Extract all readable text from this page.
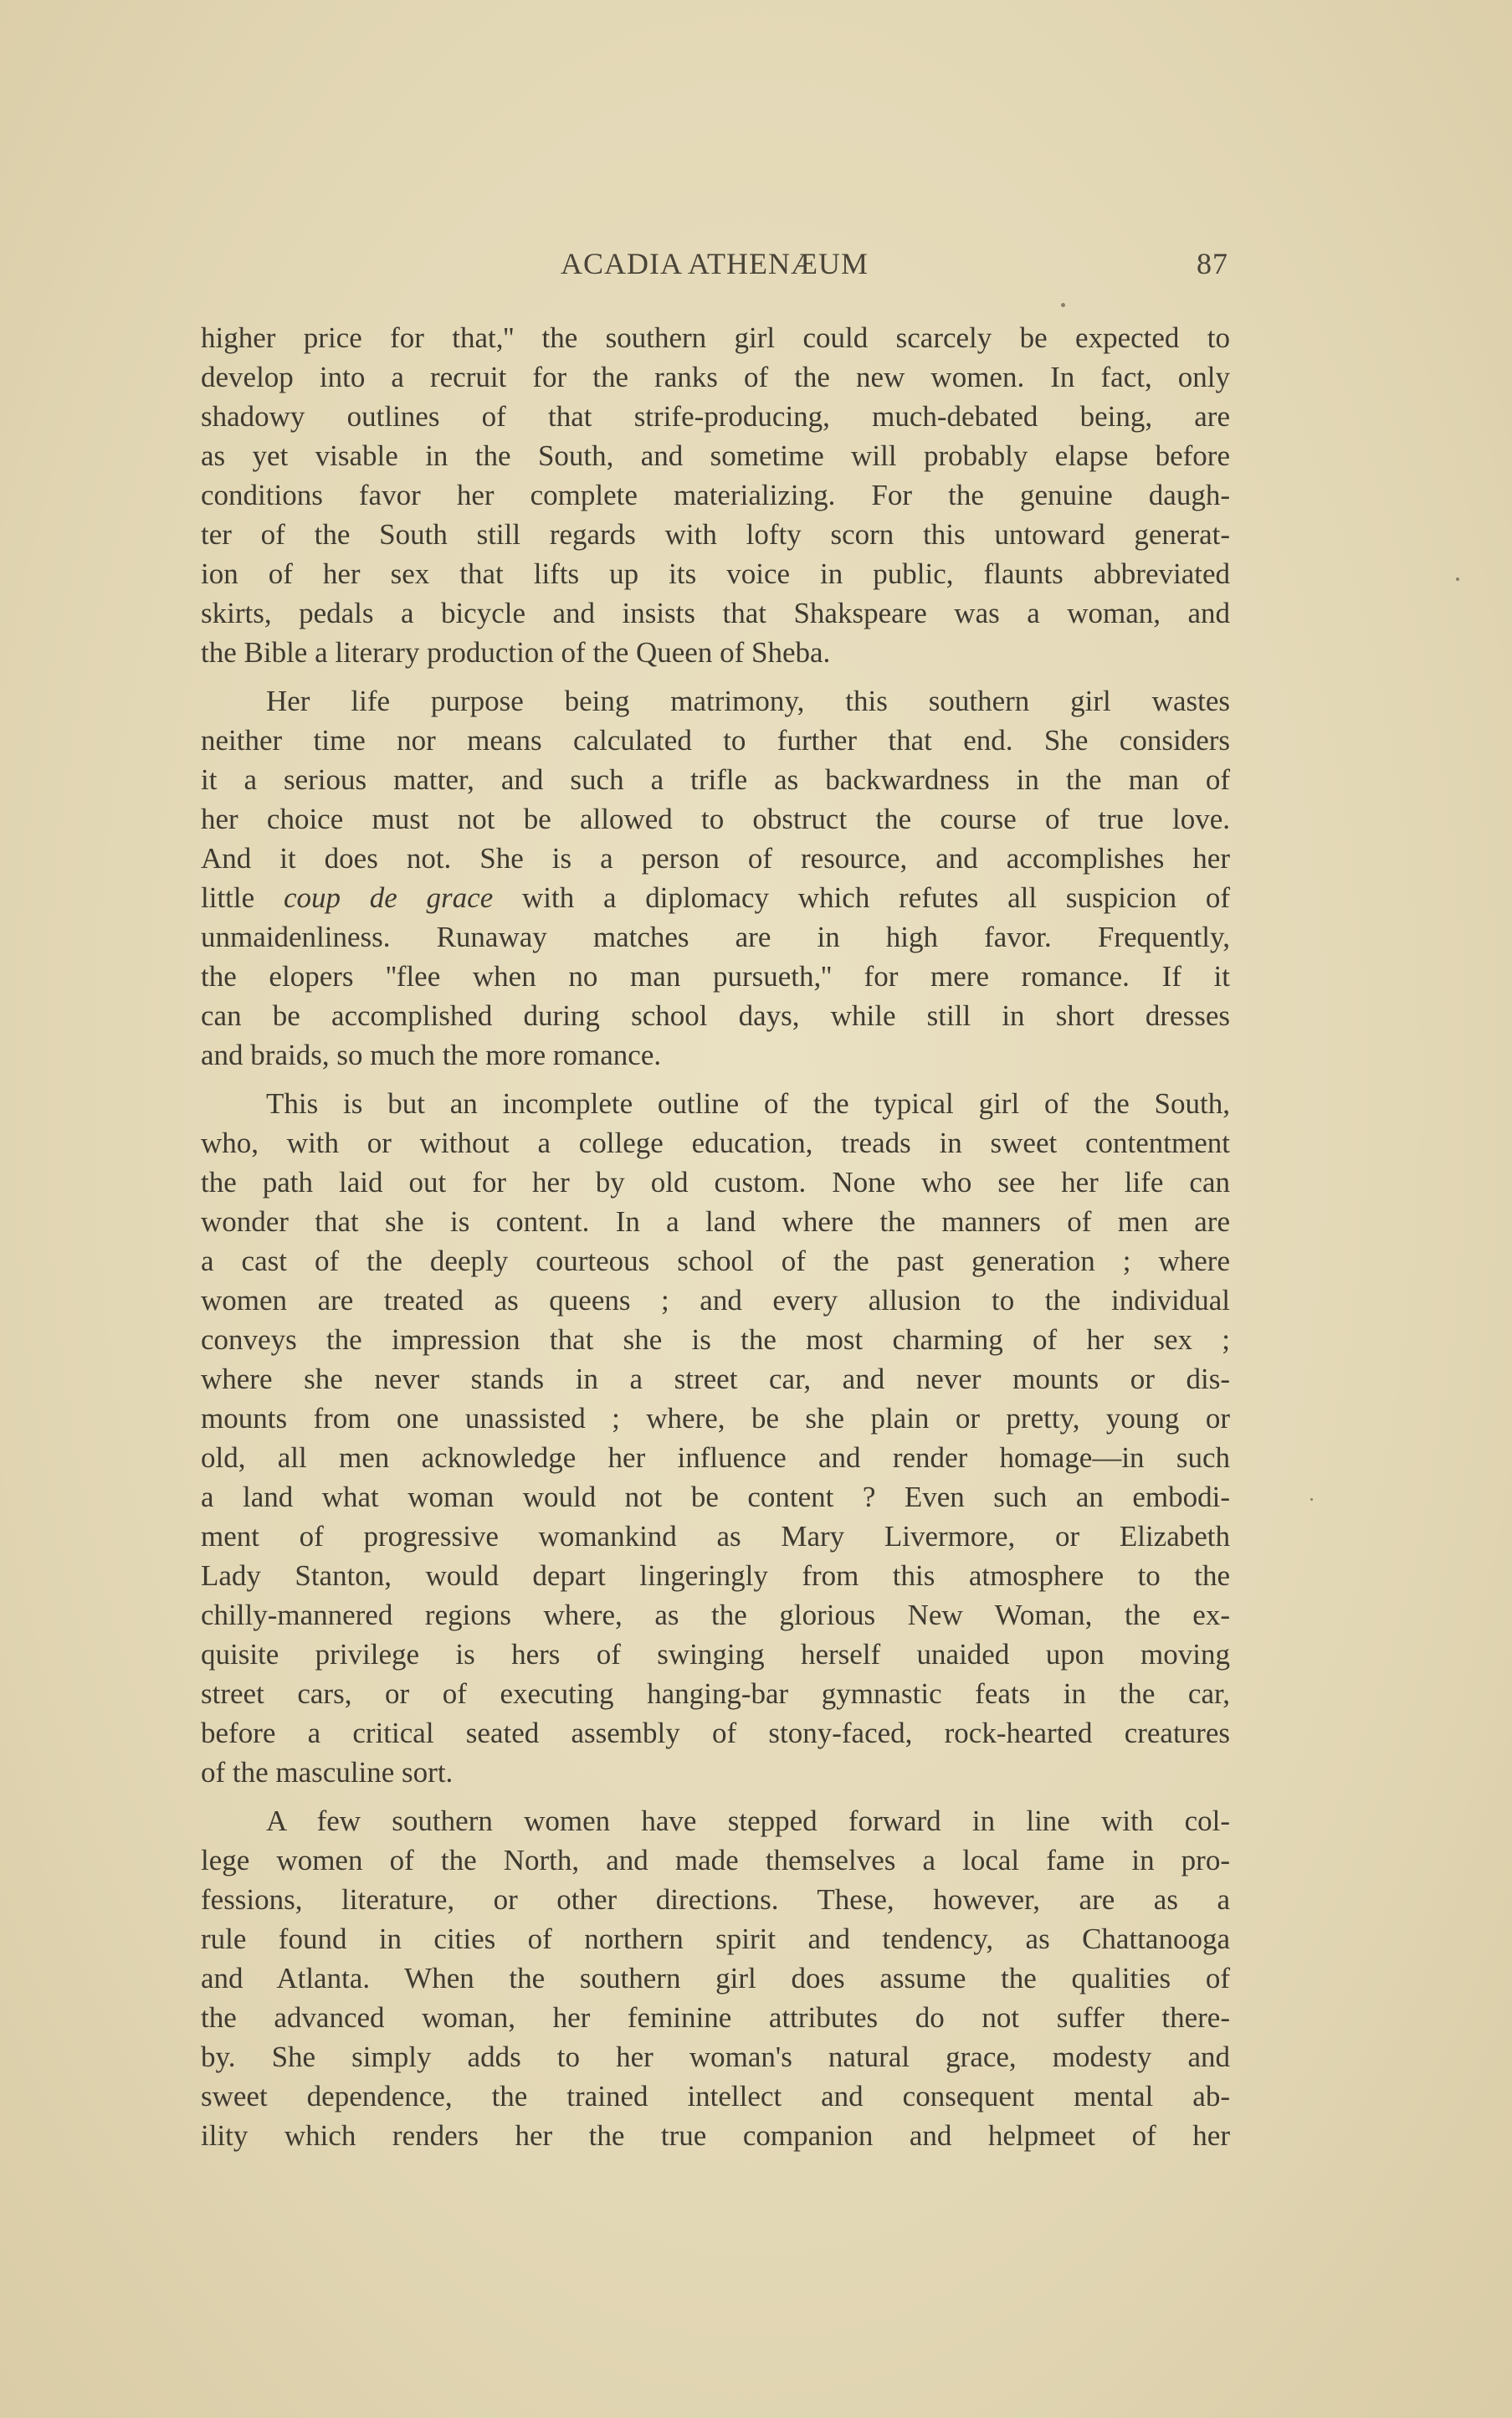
ACADIA ATHENÆUM	87
higher price for that,'' the southern girl could scarcely be expected to
develop into a recruit for the ranks of the new women. In fact, only
shadowy outlines of that strife-producing, much-debated being, are
as yet visable in the South, and sometime will probably elapse before
conditions favor her complete materializing. For the genuine daugh-
ter of the South still regards with lofty scorn this untoward generat-
ion of her sex that lifts up its voice in public, flaunts abbreviated
skirts, pedals a bicycle and insists that Shakspeare was a woman, and
the Bible a literary production of the Queen of Sheba.
Her life purpose being matrimony, this southern girl wastes
neither time nor means calculated to further that end. She considers
it a serious matter, and such a trifle as backwardness in the man of
her choice must not be allowed to obstruct the course of true love.
And it does not. She is a person of resource, and accomplishes her
little coup de grace with a diplomacy which refutes all suspicion of
unmaidenliness. Runaway matches are in high favor. Frequently,
the elopers ''flee when no man pursueth,'' for mere romance. If it
can be accomplished during school days, while still in short dresses
and braids, so much the more romance.
This is but an incomplete outline of the typical girl of the South,
who, with or without a college education, treads in sweet contentment
the path laid out for her by old custom. None who see her life can
wonder that she is content. In a land where the manners of men are
a cast of the deeply courteous school of the past generation ; where
women are treated as queens ; and every allusion to the individual
conveys the impression that she is the most charming of her sex ;
where she never stands in a street car, and never mounts or dis-
mounts from one unassisted ; where, be she plain or pretty, young or
old, all men acknowledge her influence and render homage—in such
a land what woman would not be content ? Even such an embodi-
ment of progressive womankind as Mary Livermore, or Elizabeth
Lady Stanton, would depart lingeringly from this atmosphere to the
chilly-mannered regions where, as the glorious New Woman, the ex-
quisite privilege is hers of swinging herself unaided upon moving
street cars, or of executing hanging-bar gymnastic feats in the car,
before a critical seated assembly of stony-faced, rock-hearted creatures
of the masculine sort.
A few southern women have stepped forward in line with col-
lege women of the North, and made themselves a local fame in pro-
fessions, literature, or other directions. These, however, are as a
rule found in cities of northern spirit and tendency, as Chattanooga
and Atlanta. When the southern girl does assume the qualities of
the advanced woman, her feminine attributes do not suffer there-
by. She simply adds to her woman's natural grace, modesty and
sweet dependence, the trained intellect and consequent mental ab-
ility which renders her the true companion and helpmeet of her
